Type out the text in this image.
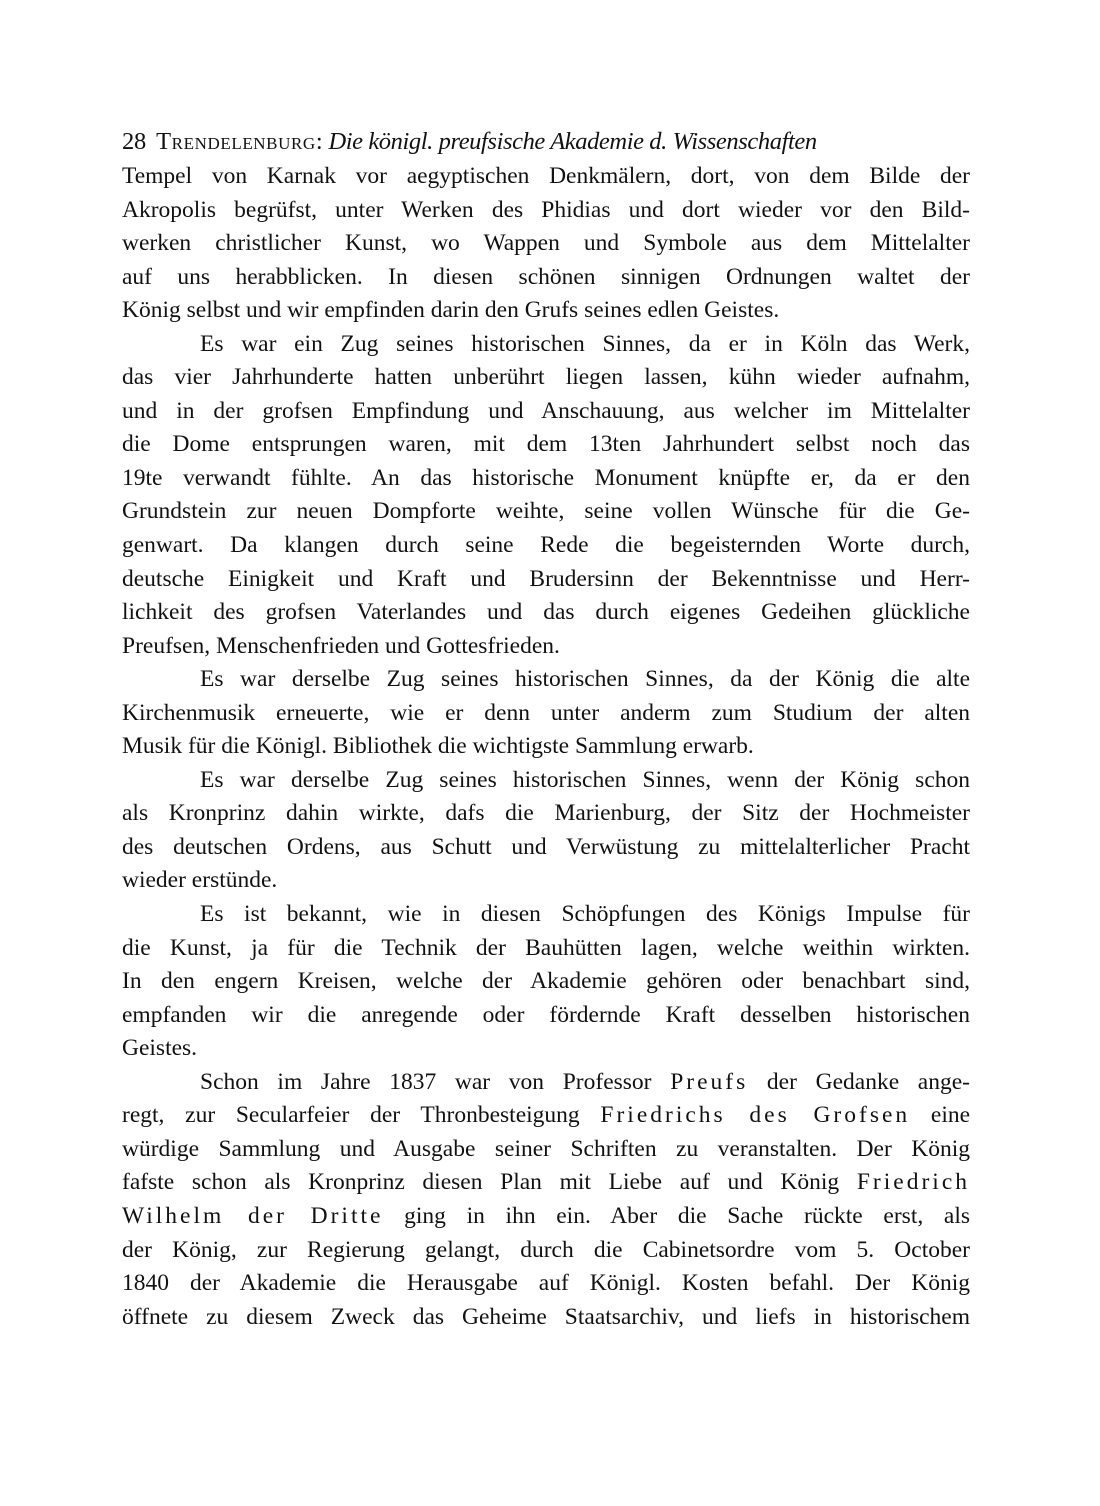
28 Trendelenburg: Die königl. preufsische Akademie d. Wissenschaften
Tempel von Karnak vor aegyptischen Denkmälern, dort, von dem Bilde der
Akropolis begrüfst, unter Werken des Phidias und dort wieder vor den Bild-
werken christlicher Kunst, wo Wappen und Symbole aus dem Mittelalter
auf uns herabblicken. In diesen schönen sinnigen Ordnungen waltet der
König selbst und wir empfinden darin den Grufs seines edlen Geistes.
Es war ein Zug seines historischen Sinnes, da er in Köln das Werk,
das vier Jahrhunderte hatten unberührt liegen lassen, kühn wieder aufnahm,
und in der grofsen Empfindung und Anschauung, aus welcher im Mittelalter
die Dome entsprungen waren, mit dem 13ten Jahrhundert selbst noch das
19te verwandt fühlte. An das historische Monument knüpfte er, da er den
Grundstein zur neuen Dompforte weihte, seine vollen Wünsche für die Ge-
genwart. Da klangen durch seine Rede die begeisternden Worte durch,
deutsche Einigkeit und Kraft und Brudersinn der Bekenntnisse und Herr-
lichkeit des grofsen Vaterlandes und das durch eigenes Gedeihen glückliche
Preufsen, Menschenfrieden und Gottesfrieden.
Es war derselbe Zug seines historischen Sinnes, da der König die alte
Kirchenmusik erneuerte, wie er denn unter anderm zum Studium der alten
Musik für die Königl. Bibliothek die wichtigste Sammlung erwarb.
Es war derselbe Zug seines historischen Sinnes, wenn der König schon
als Kronprinz dahin wirkte, dafs die Marienburg, der Sitz der Hochmeister
des deutschen Ordens, aus Schutt und Verwüstung zu mittelalterlicher Pracht
wieder erstünde.
Es ist bekannt, wie in diesen Schöpfungen des Königs Impulse für
die Kunst, ja für die Technik der Bauhütten lagen, welche weithin wirkten.
In den engern Kreisen, welche der Akademie gehören oder benachbart sind,
empfanden wir die anregende oder fördernde Kraft desselben historischen
Geistes.
Schon im Jahre 1837 war von Professor Preufs der Gedanke ange-
regt, zur Secularfeier der Thronbesteigung Friedrichs des Grofsen eine
würdige Sammlung und Ausgabe seiner Schriften zu veranstalten. Der König
fafste schon als Kronprinz diesen Plan mit Liebe auf und König Friedrich
Wilhelm der Dritte ging in ihn ein. Aber die Sache rückte erst, als
der König, zur Regierung gelangt, durch die Cabinetsordre vom 5. October
1840 der Akademie die Herausgabe auf Königl. Kosten befahl. Der König
öffnete zu diesem Zweck das Geheime Staatsarchiv, und liefs in historischem
